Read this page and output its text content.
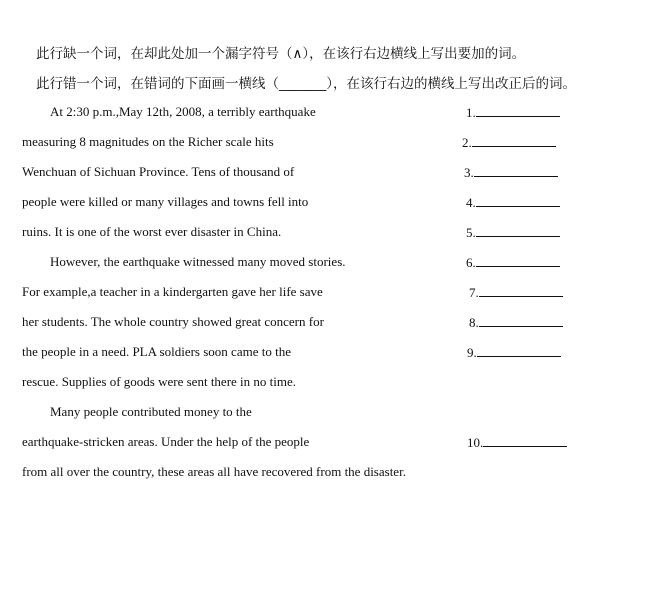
此行缺一个词，在却此处加一个漏字符号（∧），在该行右边横线上写出要加的词。
此行错一个词，在错词的下面画一横线（_______），在该行右边的横线上写出改正后的词。
At 2:30 p.m.,May 12th, 2008, a terribly earthquake
measuring 8 magnitudes on the Richer scale hits
Wenchuan of Sichuan Province. Tens of thousand of
people were killed or many villages and towns fell into
ruins. It is one of the worst ever disaster in China.
However, the earthquake witnessed many moved stories.
For example,a teacher in a kindergarten gave her life save
her students. The whole country showed great concern for
the people in a need. PLA soldiers soon came to the
rescue. Supplies of goods were sent there in no time.
Many people contributed money to the
earthquake-stricken areas. Under the help of the people
from all over the country, these areas all have recovered from the disaster.
1.
2.
3.
4.
5.
6.
7.
8.
9.
10.
